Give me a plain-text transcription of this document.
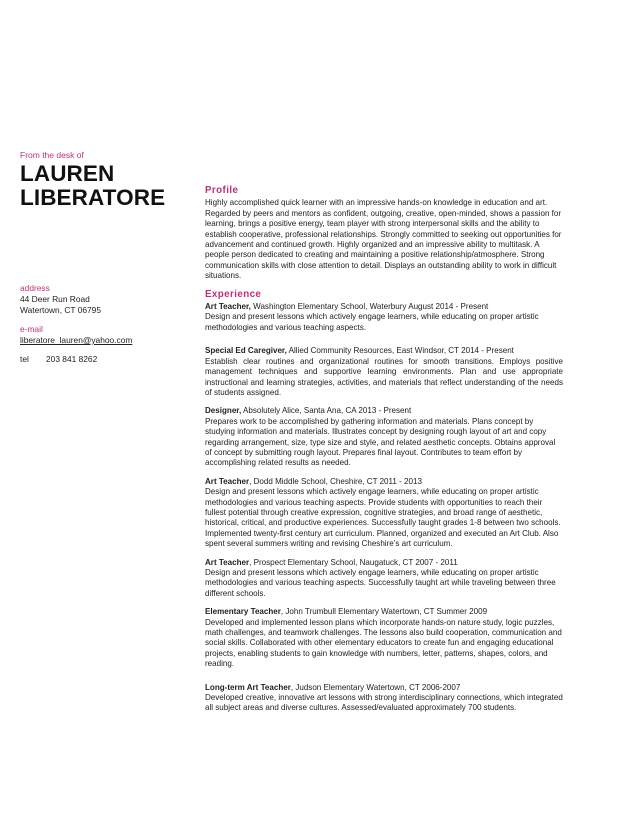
From the desk of
LAUREN
LIBERATORE
address
44 Deer Run Road
Watertown, CT 06795
e-mail
liberatore_lauren@yahoo.com
tel	203 841 8262
Profile

Highly accomplished quick learner with an impressive hands-on knowledge in education and art. Regarded by peers and mentors as confident, outgoing, creative, open-minded, shows a passion for learning, brings a positive energy, team player with strong interpersonal skills and the ability to establish cooperative, professional relationships. Strongly committed to seeking out opportunities for advancement and continued growth. Highly organized and an impressive ability to multitask. A people person dedicated to creating and maintaining a positive relationship/atmosphere. Strong communication skills with close attention to detail. Displays an outstanding ability to work in difficult situations.

Experience
Art Teacher, Washington Elementary School, Waterbury August 2014 - Present
Design and present lessons which actively engage learners, while educating on proper artistic methodologies and various teaching aspects.
Special Ed Caregiver, Allied Community Resources, East Windsor, CT 2014 - Present
Establish clear routines and organizational routines for smooth transitions. Employs positive management techniques and supportive learning environments. Plan and use appropriate instructional and learning strategies, activities, and materials that reflect understanding of the needs of students assigned.
Designer, Absolutely Alice, Santa Ana, CA 2013 - Present
Prepares work to be accomplished by gathering information and materials. Plans concept by studying information and materials. Illustrates concept by designing rough layout of art and copy regarding arrangement, size, type size and style, and related aesthetic concepts. Obtains approval of concept by submitting rough layout. Prepares final layout. Contributes to team effort by accomplishing related results as needed.
Art Teacher, Dodd Middle School, Cheshire, CT 2011 - 2013
Design and present lessons which actively engage learners, while educating on proper artistic methodologies and various teaching aspects. Provide students with opportunities to reach their fullest potential through creative expression, cognitive strategies, and broad range of aesthetic, historical, critical, and productive experiences. Successfully taught grades 1-8 between two schools. Implemented twenty-first century art curriculum. Planned, organized and executed an Art Club. Also spent several summers writing and revising Cheshire’s art curriculum.
Art Teacher, Prospect Elementary School, Naugatuck, CT 2007 - 2011
Design and present lessons which actively engage learners, while educating on proper artistic methodologies and various teaching aspects. Successfully taught art while traveling between three different schools.
Elementary Teacher, John Trumbull Elementary Watertown, CT Summer 2009
Developed and implemented lesson plans which incorporate hands-on nature study, logic puzzles, math challenges, and teamwork challenges. The lessons also build cooperation, communication and social skills. Collaborated with other elementary educators to create fun and engaging educational projects, enabling students to gain knowledge with numbers, letter, patterns, shapes, colors, and reading.
Long-term Art Teacher, Judson Elementary Watertown, CT 2006-2007
Developed creative, innovative art lessons with strong interdisciplinary connections, which integrated all subject areas and diverse cultures. Assessed/evaluated approximately 700 students.
